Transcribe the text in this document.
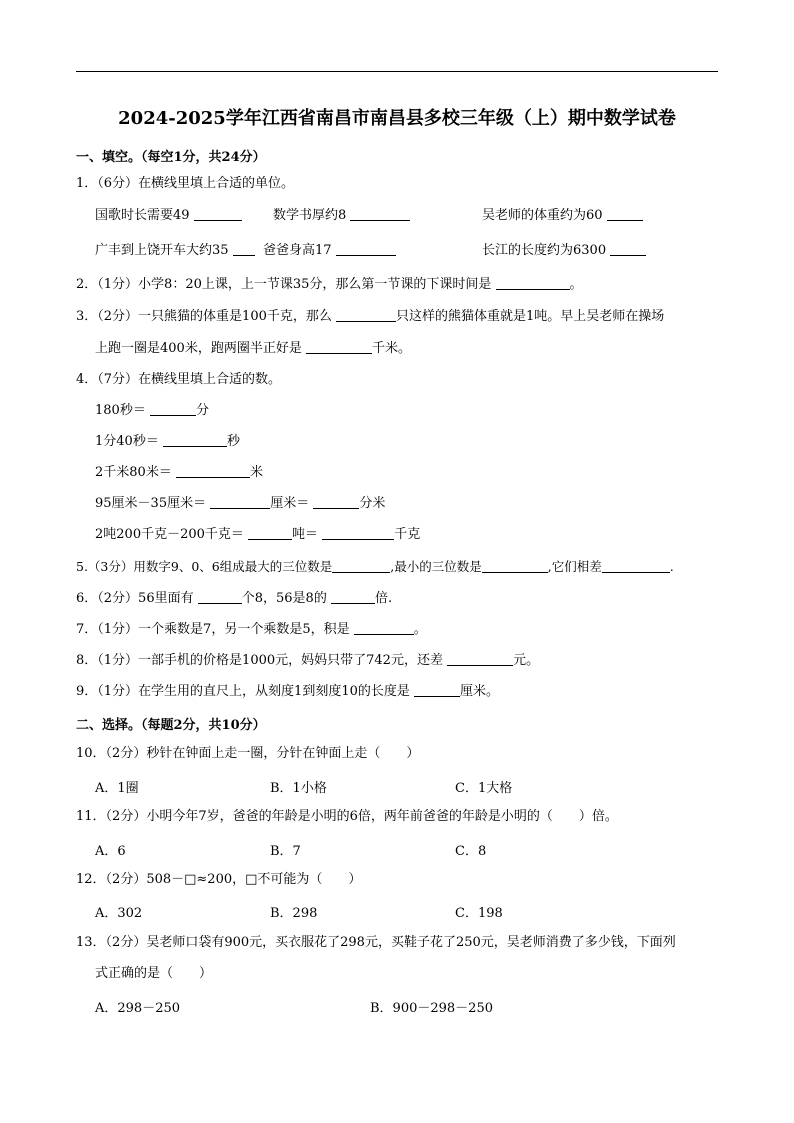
2024-2025学年江西省南昌市南昌县多校三年级（上）期中数学试卷
一、填空。（每空1分，共24分）
1．（6分）在横线里填上合适的单位。
国歌时长需要49	数学书厚约8	吴老师的体重约为60
广丰到上饶开车大约35	爸爸身高17	长江的长度约为6300
2．（1分）小学8：20上课，上一节课35分，那么第一节课的下课时间是	。
3．（2分）一只熊猫的体重是100千克，那么	只这样的熊猫体重就是1吨。早上吴老师在操场
上跑一圈是400米，跑两圈半正好是	千米。
4．（7分）在横线里填上合适的数。
180秒＝	分
1分40秒＝	秒
2千米80米＝	米
95厘米－35厘米＝	厘米＝	分米
2吨200千克－200千克＝	吨＝	千克
5.（3分）用数字9、0、6组成最大的三位数是	,最小的三位数是	,它们相差	.
6．（2分）56里面有	个8，56是8的	倍.
7．（1分）一个乘数是7，另一个乘数是5，积是	。
8．（1分）一部手机的价格是1000元，妈妈只带了742元，还差	元。
9．（1分）在学生用的直尺上，从刻度1到刻度10的长度是	厘米。
二、选择。（每题2分，共10分）
10．（2分）秒针在钟面上走一圈，分针在钟面上走（　　）
A．1圈	B．1小格	C．1大格
11．（2分）小明今年7岁，爸爸的年龄是小明的6倍，两年前爸爸的年龄是小明的（　　）倍。
A．6	B．7	C．8
12．（2分）508－□≈200，□不可能为（　　）
A．302	B．298	C．198
13．（2分）吴老师口袋有900元，买衣服花了298元，买鞋子花了250元，吴老师消费了多少钱，下面列
式正确的是（　　）
A．298－250	B．900－298－250
